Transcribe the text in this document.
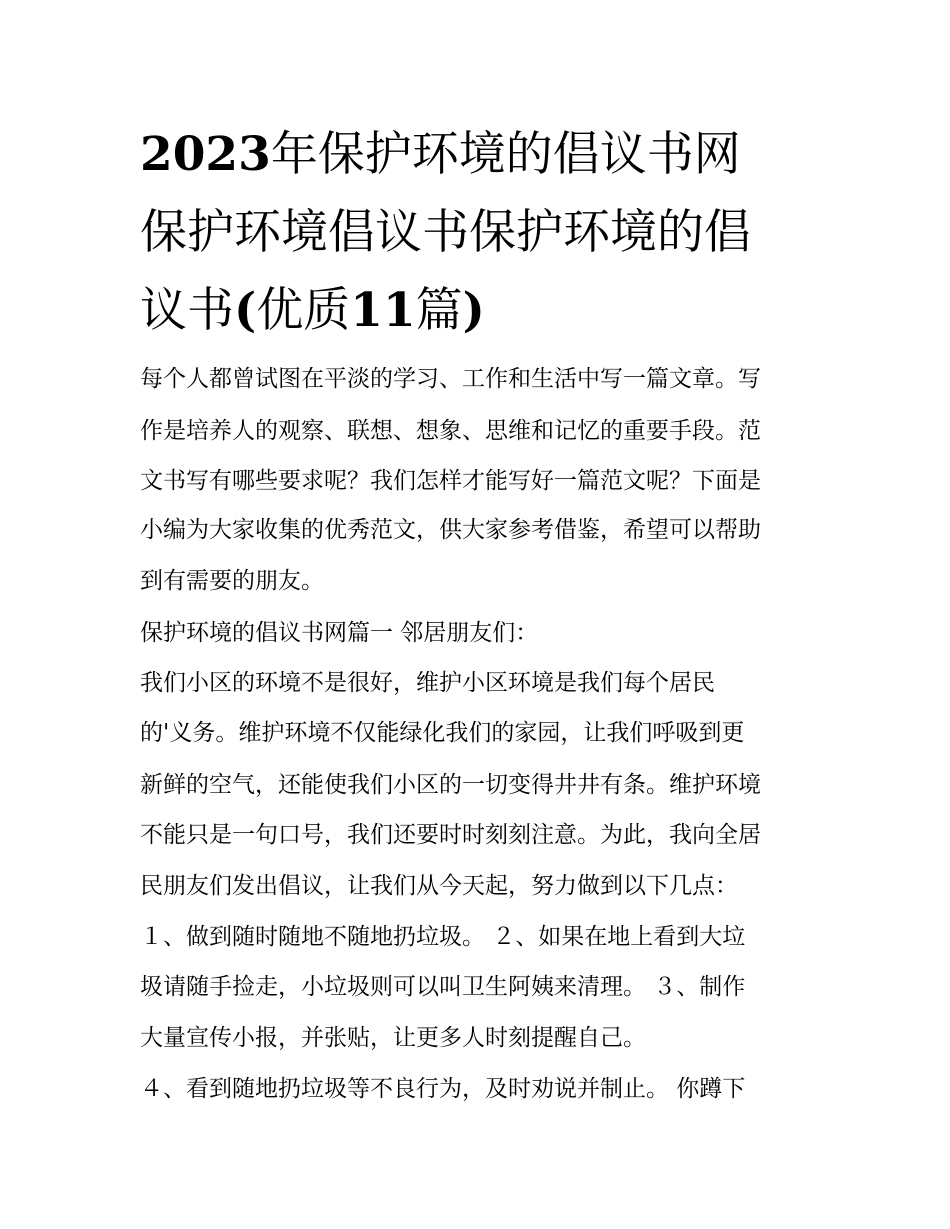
2023年保护环境的倡议书网
保护环境倡议书保护环境的倡
议书(优质11篇)

每个人都曾试图在平淡的学习、工作和生活中写一篇文章。写

作是培养人的观察、联想、想象、思维和记忆的重要手段。范

文书写有哪些要求呢？我们怎样才能写好一篇范文呢？下面是

小编为大家收集的优秀范文，供大家参考借鉴，希望可以帮助

到有需要的朋友。

保护环境的倡议书网篇一 邻居朋友们：

我们小区的环境不是很好，维护小区环境是我们每个居民

的'义务。维护环境不仅能绿化我们的家园，让我们呼吸到更

新鲜的空气，还能使我们小区的一切变得井井有条。维护环境

不能只是一句口号，我们还要时时刻刻注意。为此，我向全居

民朋友们发出倡议，让我们从今天起，努力做到以下几点：

１、做到随时随地不随地扔垃圾。 ２、如果在地上看到大垃

圾请随手捡走，小垃圾则可以叫卫生阿姨来清理。 ３、制作

大量宣传小报，并张贴，让更多人时刻提醒自己。

４、看到随地扔垃圾等不良行为，及时劝说并制止。 你蹲下
